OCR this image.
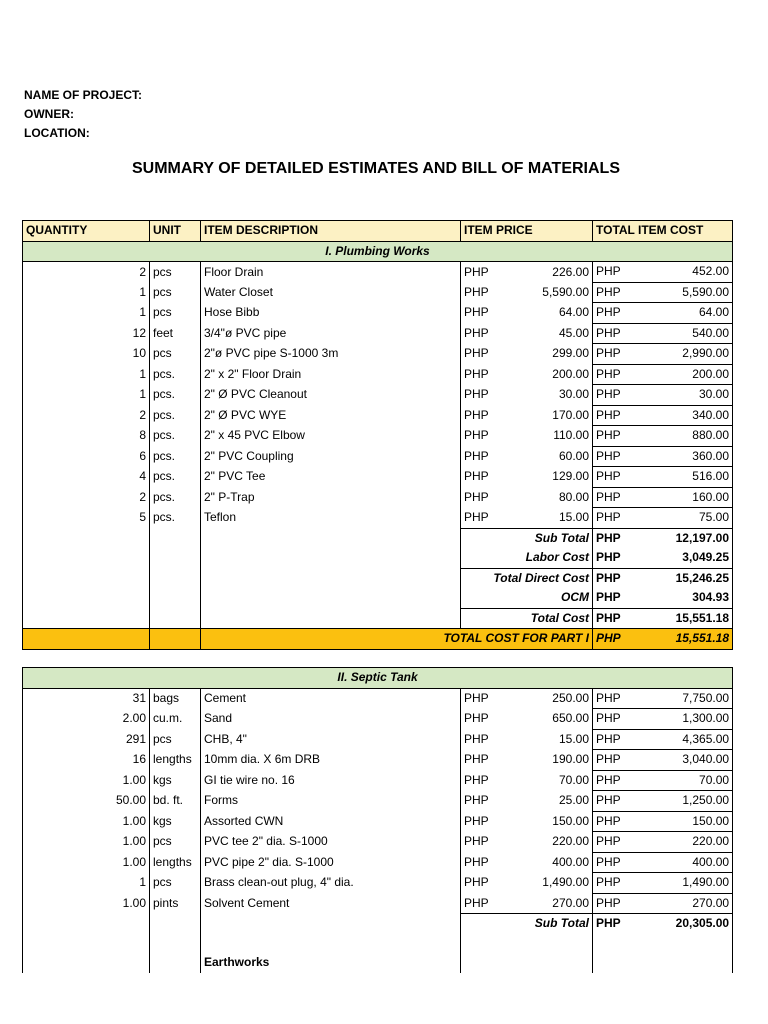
NAME OF PROJECT:
OWNER:
LOCATION:
SUMMARY OF DETAILED ESTIMATES AND BILL OF MATERIALS
QUANTITY	UNIT	ITEM DESCRIPTION	ITEM PRICE	TOTAL ITEM COST
I. Plumbing Works				
2	pcs	Floor Drain	PHP 226.00	PHP 452.00

1	pcs	Water Closet	PHP 5,590.00	PHP 5,590.00

1	pcs	Hose Bibb	PHP 64.00	PHP 64.00

12	feet	3/4"ø PVC pipe	PHP 45.00	PHP 540.00

10	pcs	2"ø PVC pipe S-1000 3m	PHP 299.00	PHP 2,990.00

1	pcs.	2" x 2" Floor Drain	PHP 200.00	PHP 200.00

1	pcs.	2" Ø PVC Cleanout	PHP 30.00	PHP 30.00

2	pcs.	2" Ø PVC WYE	PHP 170.00	PHP 340.00

8	pcs.	2" x 45 PVC Elbow	PHP 110.00	PHP 880.00

6	pcs.	2" PVC Coupling	PHP 60.00	PHP 360.00

4	pcs.	2" PVC Tee	PHP 129.00	PHP 516.00

2	pcs.	2" P-Trap	PHP 80.00	PHP 160.00

5	pcs.	Teflon	PHP 15.00	PHP 75.00

			Sub Total	PHP 12,197.00

			Labor Cost	PHP 3,049.25

			Total Direct Cost	PHP 15,246.25

			OCM	PHP 304.93

			Total Cost	PHP 15,551.18

		TOTAL COST FOR PART I		PHP 15,551.18
II. Septic Tank				
31	bags	Cement	PHP 250.00	PHP 7,750.00

2.00	cu.m.	Sand	PHP 650.00	PHP 1,300.00

291	pcs	CHB, 4"	PHP 15.00	PHP 4,365.00

16	lengths	10mm dia. X 6m DRB	PHP 190.00	PHP 3,040.00

1.00	kgs	GI tie wire no. 16	PHP 70.00	PHP 70.00

50.00	bd. ft.	Forms	PHP 25.00	PHP 1,250.00

1.00	kgs	Assorted CWN	PHP 150.00	PHP 150.00

1.00	pcs	PVC tee 2" dia. S-1000	PHP 220.00	PHP 220.00

1.00	lengths	PVC pipe 2" dia. S-1000	PHP 400.00	PHP 400.00

1	pcs	Brass clean-out plug, 4" dia.	PHP 1,490.00	PHP 1,490.00

1.00	pints	Solvent Cement	PHP 270.00	PHP 270.00

			Sub Total	PHP 20,305.00

		Earthworks		
